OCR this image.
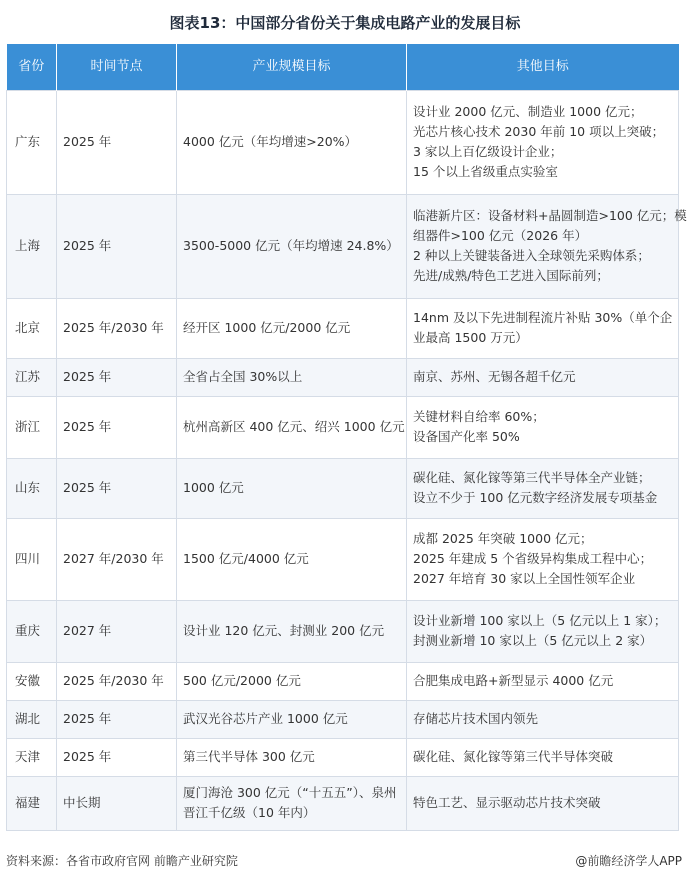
图表13：中国部分省份关于集成电路产业的发展目标
省份	时间节点	产业规模目标	其他目标
广东	2025 年	4000 亿元（年均增速>20%）	设计业 2000 亿元、制造业 1000 亿元；
光芯片核心技术 2030 年前 10 项以上突破；
3 家以上百亿级设计企业；
15 个以上省级重点实验室

上海	2025 年	3500-5000 亿元（年均增速 24.8%）	临港新片区：设备材料+晶圆制造>100 亿元；模
组器件>100 亿元（2026 年）
2 种以上关键装备进入全球领先采购体系；
先进/成熟/特色工艺进入国际前列；

北京	2025 年/2030 年	经开区 1000 亿元/2000 亿元	14nm 及以下先进制程流片补贴 30%（单个企
业最高 1500 万元）

江苏	2025 年	全省占全国 30%以上	南京、苏州、无锡各超千亿元

浙江	2025 年	杭州高新区 400 亿元、绍兴 1000 亿元	关键材料自给率 60%；
设备国产化率 50%

山东	2025 年	1000 亿元	碳化硅、氮化镓等第三代半导体全产业链；
设立不少于 100 亿元数字经济发展专项基金

四川	2027 年/2030 年	1500 亿元/4000 亿元	成都 2025 年突破 1000 亿元；
2025 年建成 5 个省级异构集成工程中心；
2027 年培育 30 家以上全国性领军企业

重庆	2027 年	设计业 120 亿元、封测业 200 亿元	设计业新增 100 家以上（5 亿元以上 1 家）；
封测业新增 10 家以上（5 亿元以上 2 家）

安徽	2025 年/2030 年	500 亿元/2000 亿元	合肥集成电路+新型显示 4000 亿元

湖北	2025 年	武汉光谷芯片产业 1000 亿元	存储芯片技术国内领先

天津	2025 年	第三代半导体 300 亿元	碳化硅、氮化镓等第三代半导体突破

福建	中长期	厦门海沧 300 亿元（“十五五”）、泉州
晋江千亿级（10 年内）	特色工艺、显示驱动芯片技术突破
资料来源：各省市政府官网 前瞻产业研究院	@前瞻经济学人APP
